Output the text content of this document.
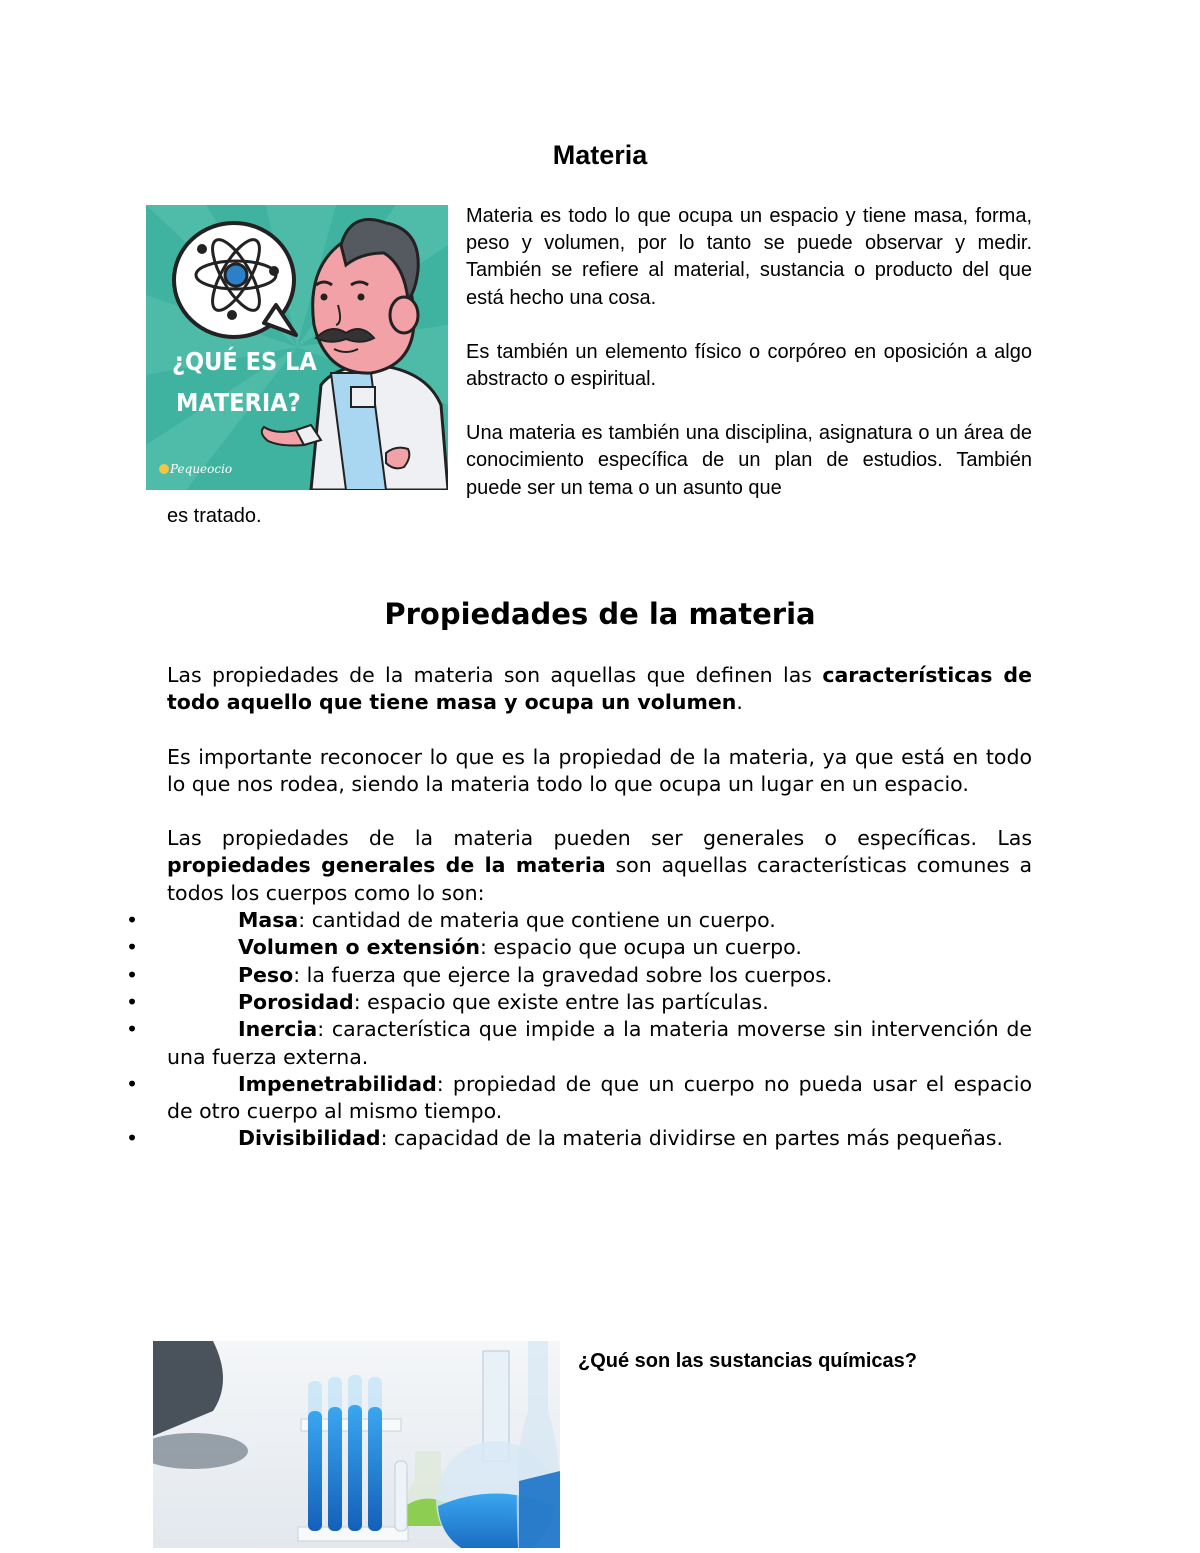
Materia
¿QUÉ ES LA
MATERIA?
Pequeocio

Materia es todo lo que ocupa un espacio y tiene masa, forma, peso y volumen, por lo tanto se puede observar y medir. También se refiere al material, sustancia o producto del que está hecho una cosa.

Es también un elemento físico o corpóreo en oposición a algo abstracto o espiritual.

Una materia es también una disciplina, asignatura o un área de conocimiento específica de un plan de estudios. También puede ser un tema o un asunto que

es tratado.
Propiedades de la materia

Las propiedades de la materia son aquellas que definen las características de todo aquello que tiene masa y ocupa un volumen.

Es importante reconocer lo que es la propiedad de la materia, ya que está en todo lo que nos rodea, siendo la materia todo lo que ocupa un lugar en un espacio.

Las propiedades de la materia pueden ser generales o específicas. Las propiedades generales de la materia son aquellas características comunes a todos los cuerpos como lo son:

•	Masa: cantidad de materia que contiene un cuerpo.
•	Volumen o extensión: espacio que ocupa un cuerpo.
•	Peso: la fuerza que ejerce la gravedad sobre los cuerpos.
•	Porosidad: espacio que existe entre las partículas.
•	Inercia: característica que impide a la materia moverse sin intervención de una fuerza externa.
•	Impenetrabilidad: propiedad de que un cuerpo no pueda usar el espacio de otro cuerpo al mismo tiempo.
•	Divisibilidad: capacidad de la materia dividirse en partes más pequeñas.
¿Qué son las sustancias químicas?
